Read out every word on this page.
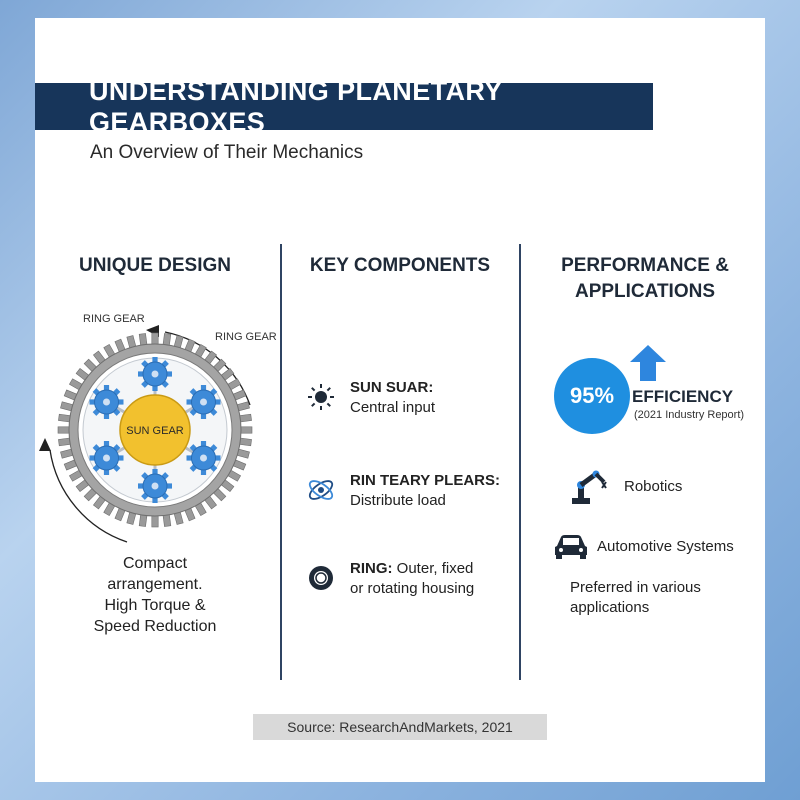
UNDERSTANDING PLANETARY GEARBOXES
An Overview of Their Mechanics
UNIQUE DESIGN
RING GEAR
RING GEAR
SUN GEAR
Compact
arrangement.
High Torque &
Speed Reduction
KEY COMPONENTS
SUN SUAR:
Central input
RIN TEARY PLEARS:
Distribute load
RING: Outer, fixed
or rotating housing
PERFORMANCE &
APPLICATIONS
95% EFFICIENCY
(2021 Industry Report)
Robotics
Automotive Systems
Preferred in various
applications
Source: ResearchAndMarkets, 2021
